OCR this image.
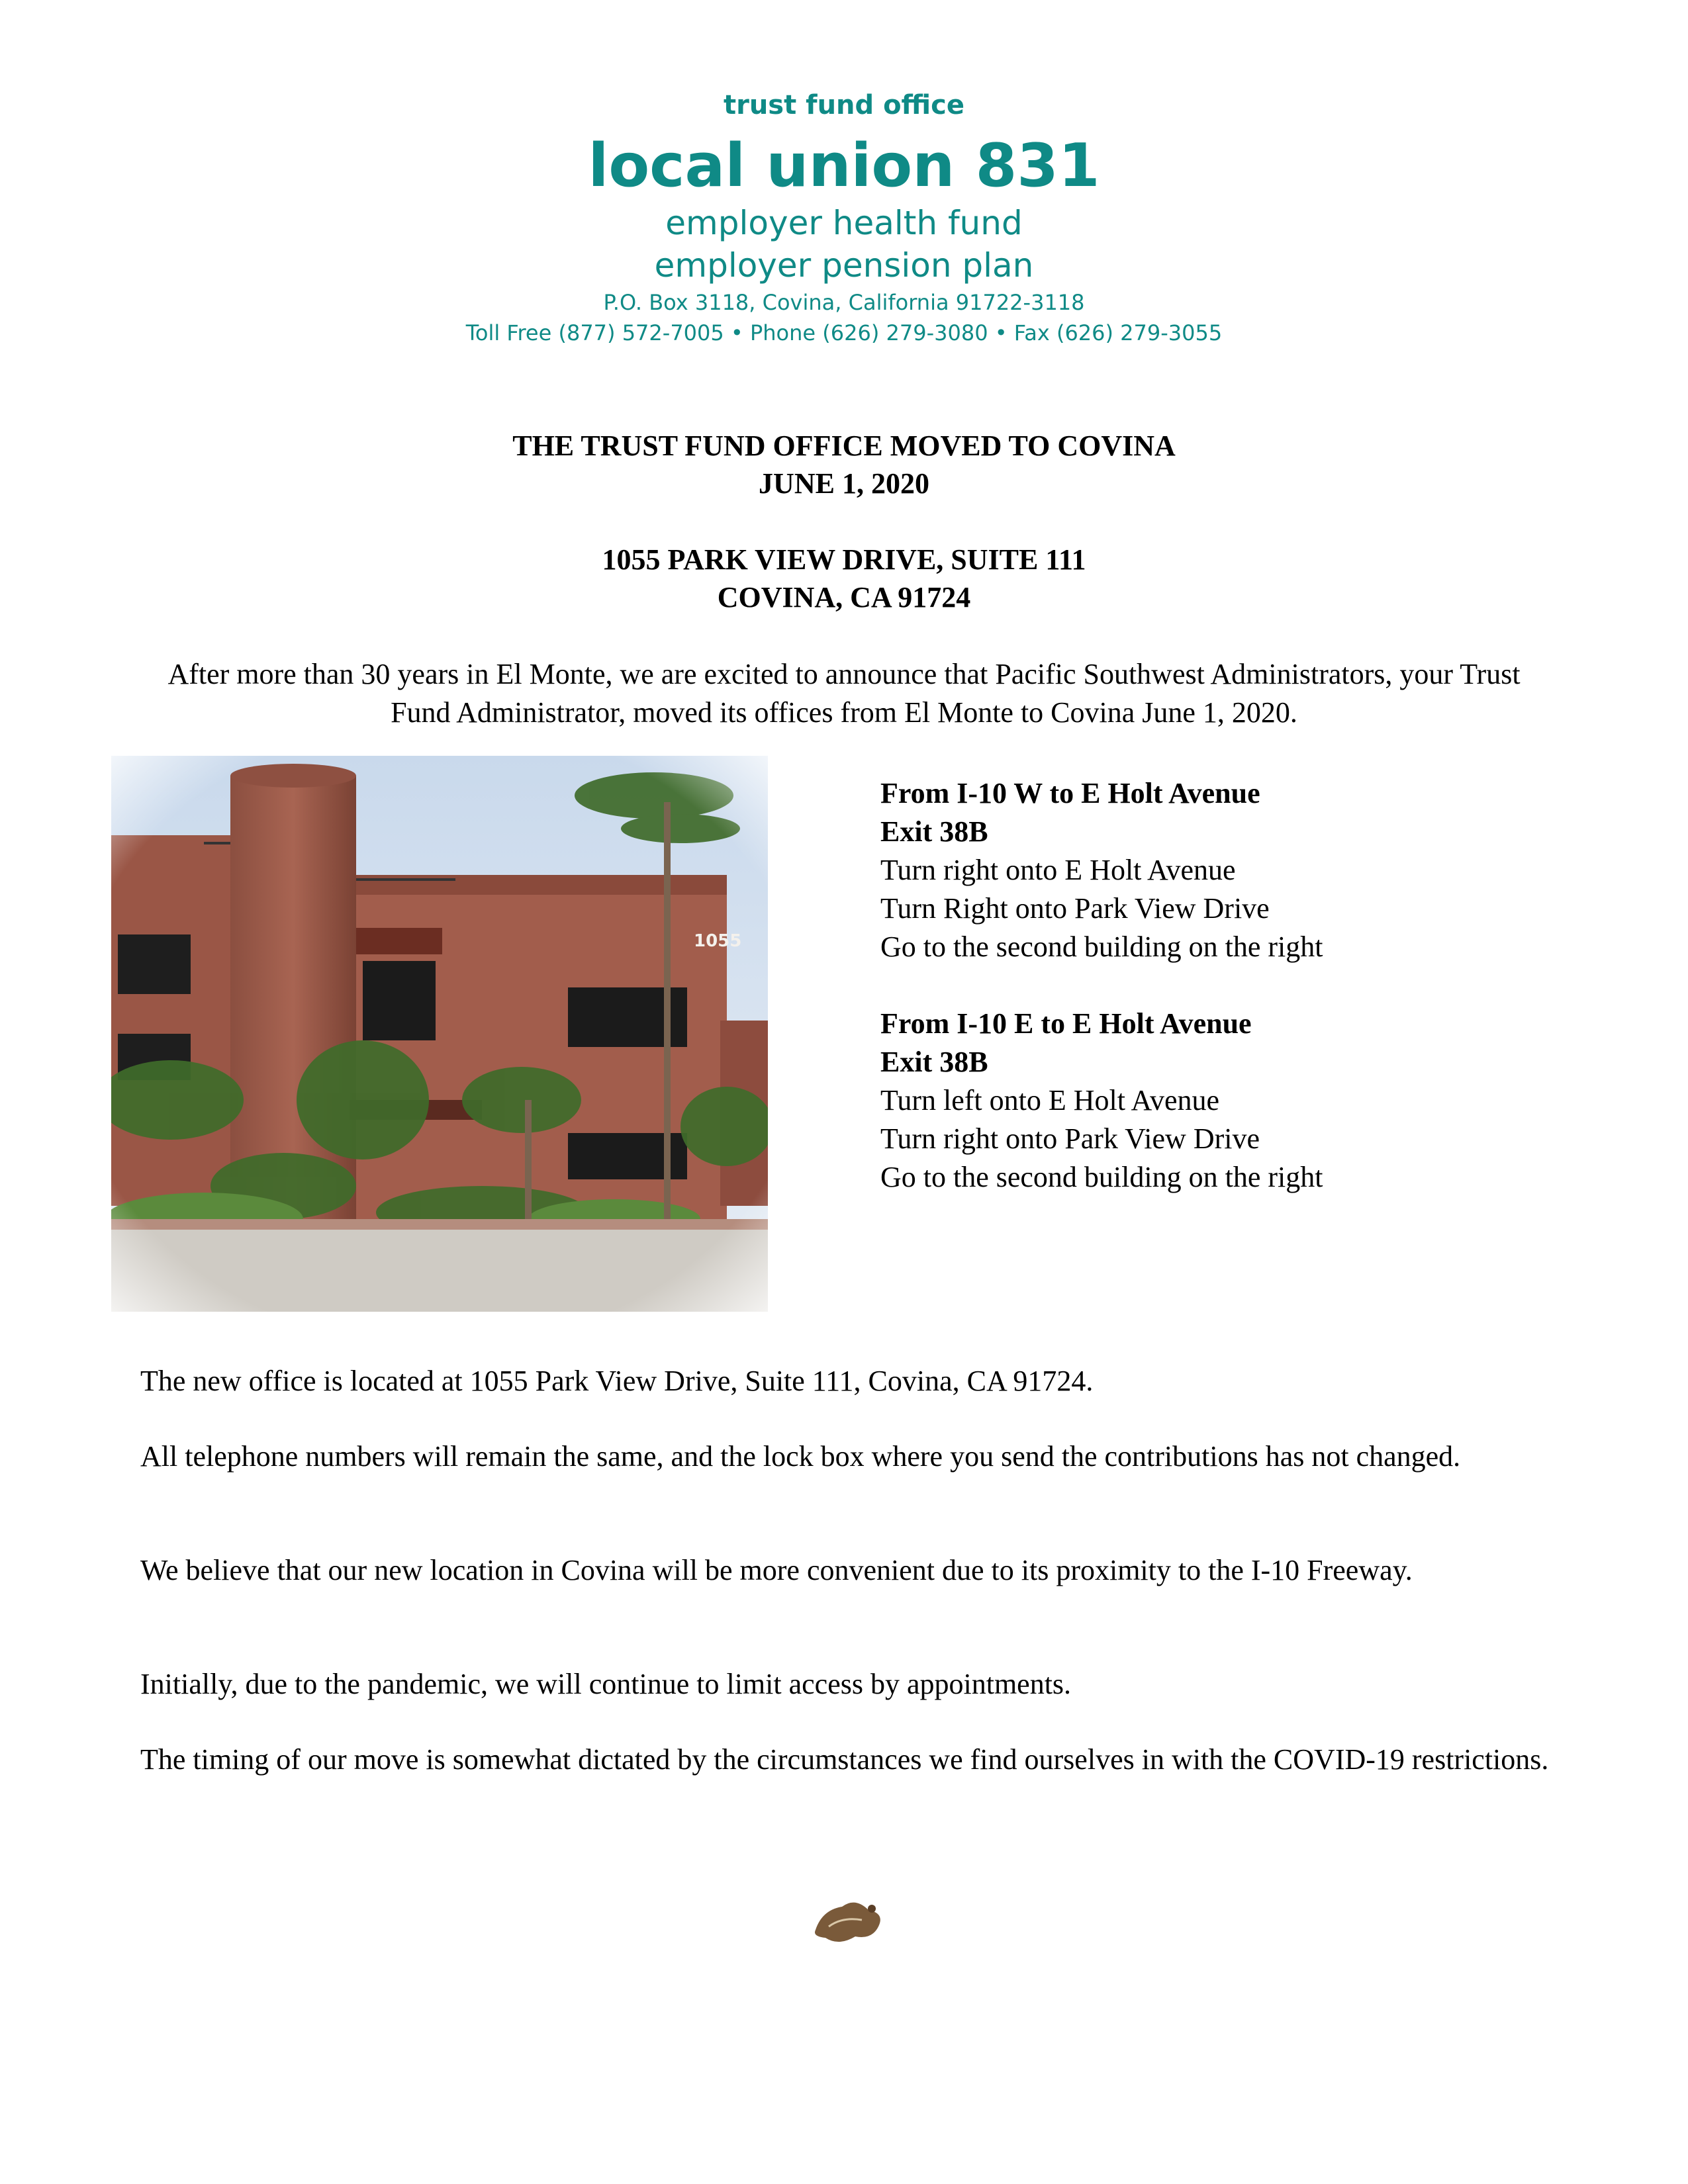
trust fund office
local union 831
employer health fund
employer pension plan
P.O. Box 3118, Covina, California 91722-3118
Toll Free (877) 572-7005 • Phone (626) 279-3080 • Fax (626) 279-3055
THE TRUST FUND OFFICE MOVED TO COVINA
JUNE 1, 2020
1055 PARK VIEW DRIVE, SUITE 111
COVINA, CA 91724
After more than 30 years in El Monte, we are excited to announce that Pacific Southwest Administrators, your Trust Fund Administrator, moved its offices from El Monte to Covina June 1, 2020.
1055
From I-10 W to E Holt Avenue
Exit 38B
Turn right onto E Holt Avenue
Turn Right onto Park View Drive
Go to the second building on the right
From I-10 E to E Holt Avenue
Exit 38B
Turn left onto E Holt Avenue
Turn right onto Park View Drive
Go to the second building on the right
The new office is located at 1055 Park View Drive, Suite 111, Covina, CA 91724.
All telephone numbers will remain the same, and the lock box where you send the contributions has not changed.
We believe that our new location in Covina will be more convenient due to its proximity to the I-10 Freeway.
Initially, due to the pandemic, we will continue to limit access by appointments.
The timing of our move is somewhat dictated by the circumstances we find ourselves in with the COVID-19 restrictions.
